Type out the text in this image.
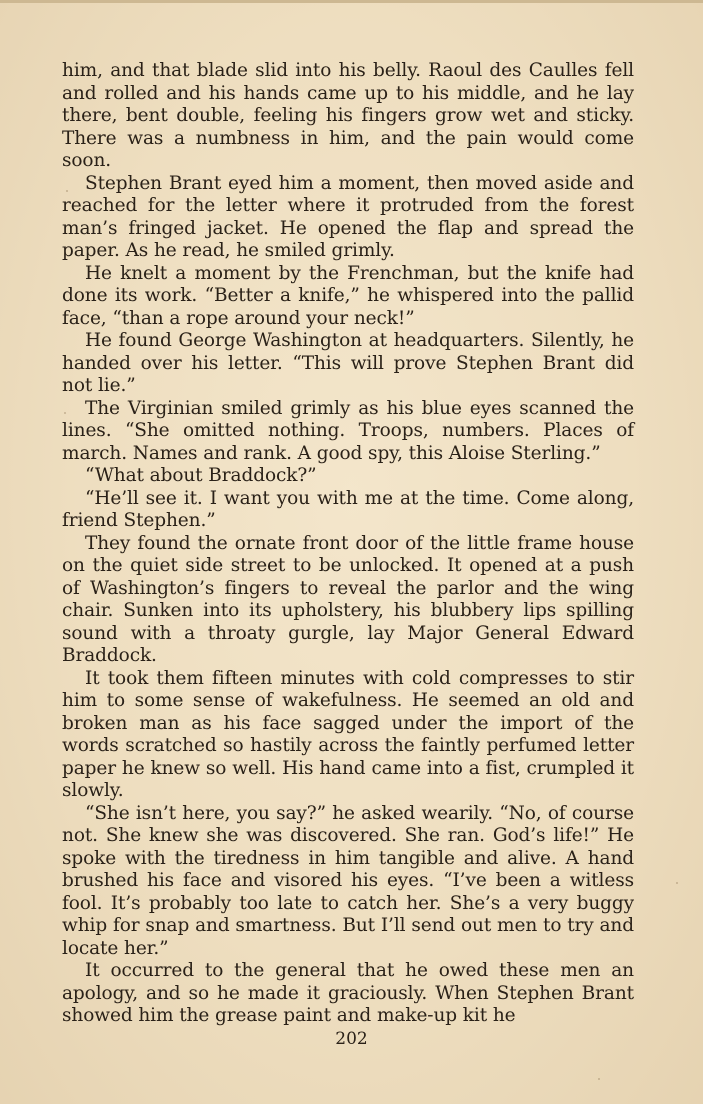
him, and that blade slid into his belly. Raoul des Caulles fell and rolled and his hands came up to his middle, and he lay there, bent double, feeling his fingers grow wet and sticky. There was a numbness in him, and the pain would come soon.

Stephen Brant eyed him a moment, then moved aside and reached for the letter where it protruded from the forest man’s fringed jacket. He opened the flap and spread the paper. As he read, he smiled grimly.

He knelt a moment by the Frenchman, but the knife had done its work. “Better a knife,” he whispered into the pallid face, “than a rope around your neck!”

He found George Washington at headquarters. Silently, he handed over his letter. “This will prove Stephen Brant did not lie.”

The Virginian smiled grimly as his blue eyes scanned the lines. “She omitted nothing. Troops, numbers. Places of march. Names and rank. A good spy, this Aloise Sterling.”

“What about Braddock?”

“He’ll see it. I want you with me at the time. Come along, friend Stephen.”

They found the ornate front door of the little frame house on the quiet side street to be unlocked. It opened at a push of Washington’s fingers to reveal the parlor and the wing chair. Sunken into its upholstery, his blubbery lips spilling sound with a throaty gurgle, lay Major General Edward Braddock.

It took them fifteen minutes with cold compresses to stir him to some sense of wakefulness. He seemed an old and broken man as his face sagged under the import of the words scratched so hastily across the faintly perfumed letter paper he knew so well. His hand came into a fist, crumpled it slowly.

“She isn’t here, you say?” he asked wearily. “No, of course not. She knew she was discovered. She ran. God’s life!” He spoke with the tiredness in him tangible and alive. A hand brushed his face and visored his eyes. “I’ve been a witless fool. It’s probably too late to catch her. She’s a very buggy whip for snap and smartness. But I’ll send out men to try and locate her.”

It occurred to the general that he owed these men an apology, and so he made it graciously. When Stephen Brant showed him the grease paint and make-up kit he

202
